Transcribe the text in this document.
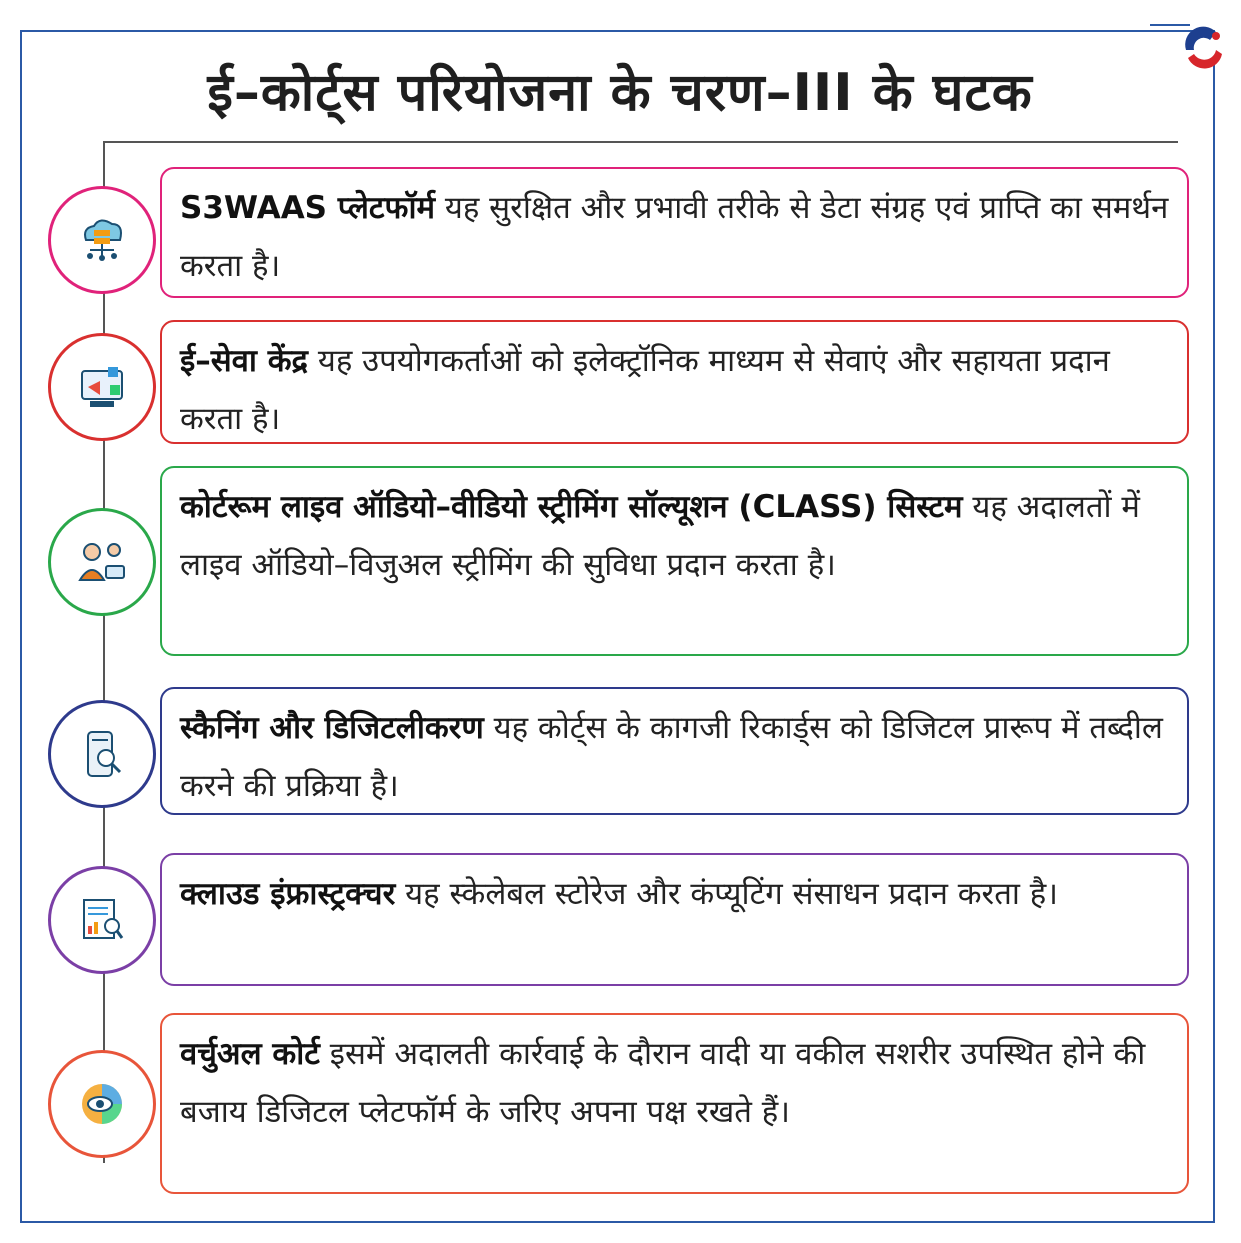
ई–कोर्ट्स परियोजना के चरण–III के घटक
S3WAAS प्लेटफॉर्म यह सुरक्षित और प्रभावी तरीके से डेटा संग्रह एवं प्राप्ति का समर्थन करता है।
ई–सेवा केंद्र यह उपयोगकर्ताओं को इलेक्ट्रॉनिक माध्यम से सेवाएं और सहायता प्रदान करता है।
कोर्टरूम लाइव ऑडियो–वीडियो स्ट्रीमिंग सॉल्यूशन (CLASS) सिस्टम यह अदालतों में लाइव ऑडियो–विजुअल स्ट्रीमिंग की सुविधा प्रदान करता है।
स्कैनिंग और डिजिटलीकरण यह कोर्ट्स के कागजी रिकार्ड्स को डिजिटल प्रारूप में तब्दील करने की प्रक्रिया है।
क्लाउड इंफ्रास्ट्रक्चर यह स्केलेबल स्टोरेज और कंप्यूटिंग संसाधन प्रदान करता है।
वर्चुअल कोर्ट इसमें अदालती कार्रवाई के दौरान वादी या वकील सशरीर उपस्थित होने की बजाय डिजिटल प्लेटफॉर्म के जरिए अपना पक्ष रखते हैं।
